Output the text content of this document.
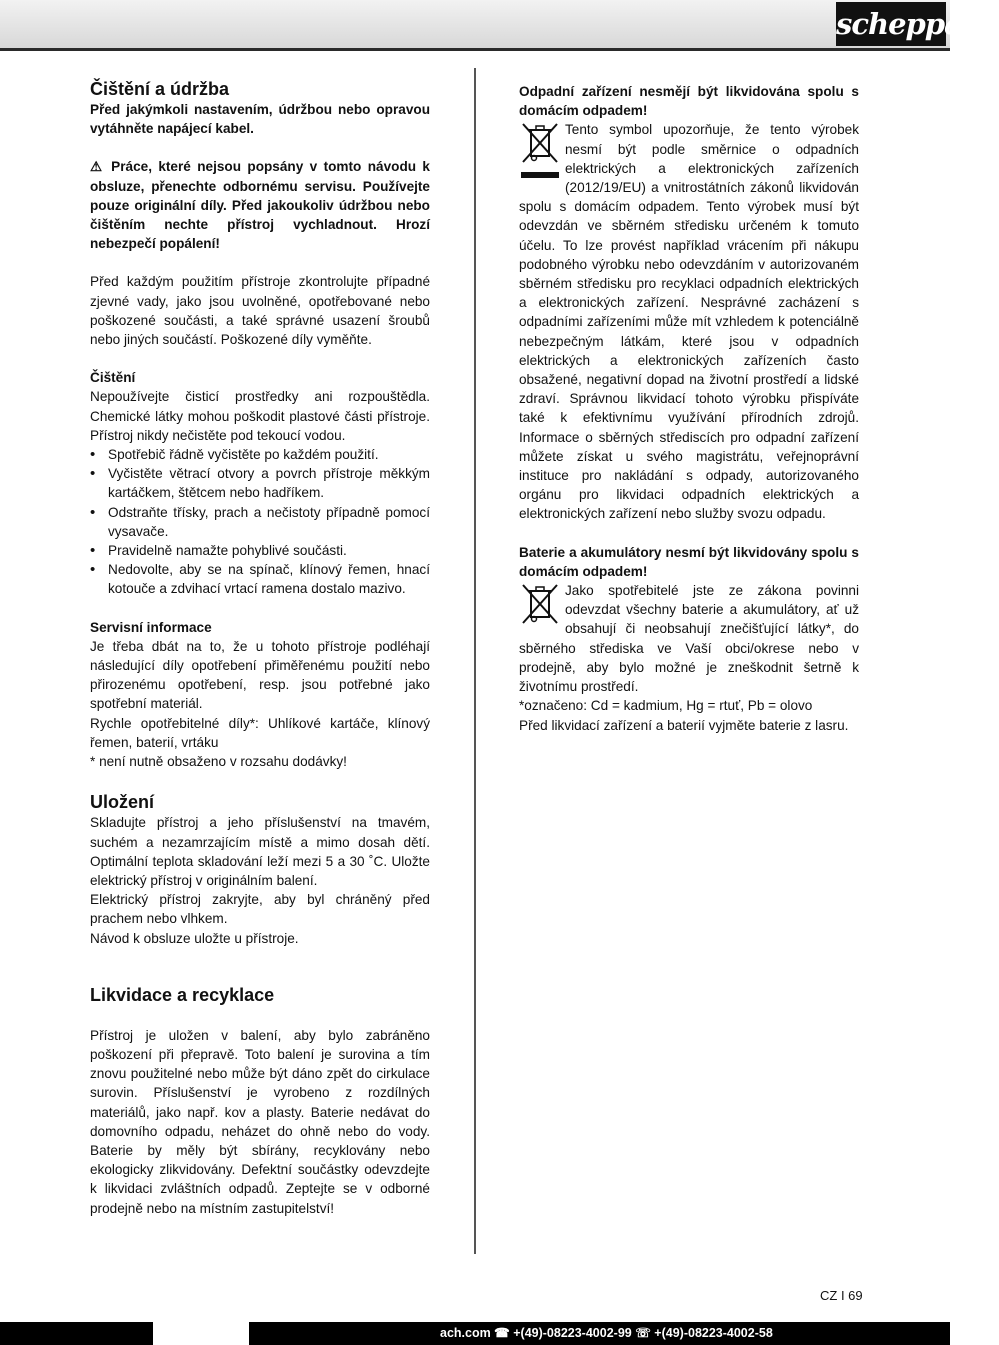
scheppach
Čištění a údržba

Před jakýmkoli nastavením, údržbou nebo opravou vytáhněte napájecí kabel.

⚠ Práce, které nejsou popsány v tomto návodu k obsluze, přenechte odbornému servisu. Používejte pouze originální díly. Před jakoukoliv údržbou nebo čištěním nechte přístroj vychladnout. Hrozí nebezpečí popálení!

Před každým použitím přístroje zkontrolujte případné zjevné vady, jako jsou uvolněné, opotřebované nebo poškozené součásti, a také správné usazení šroubů nebo jiných součástí. Poškozené díly vyměňte.

Čištění

Nepoužívejte čisticí prostředky ani rozpouštědla. Chemické látky mohou poškodit plastové části přístroje. Přístroj nikdy nečistěte pod tekoucí vodou.

• Spotřebič řádně vyčistěte po každém použití.
• Vyčistěte větrací otvory a povrch přístroje měkkým kartáčkem, štětcem nebo hadříkem.
• Odstraňte třísky, prach a nečistoty případně pomocí vysavače.
• Pravidelně namažte pohyblivé součásti.
• Nedovolte, aby se na spínač, klínový řemen, hnací kotouče a zdvihací vrtací ramena dostalo mazivo.
Servisní informace

Je třeba dbát na to, že u tohoto přístroje podléhají následující díly opotřebení přiměřenému použití nebo přirozenému opotřebení, resp. jsou potřebné jako spotřební materiál.

Rychle opotřebitelné díly*: Uhlíkové kartáče, klínový řemen, baterií, vrtáku

* není nutně obsaženo v rozsahu dodávky!

Uložení

Skladujte přístroj a jeho příslušenství na tmavém, suchém a nezamrzajícím místě a mimo dosah dětí. Optimální teplota skladování leží mezi 5 a 30 ˚C. Uložte elektrický přístroj v originálním balení.

Elektrický přístroj zakryjte, aby byl chráněný před prachem nebo vlhkem.

Návod k obsluze uložte u přístroje.

Likvidace a recyklace

Přístroj je uložen v balení, aby bylo zabráněno poškození při přepravě. Toto balení je surovina a tím znovu použitelné nebo může být dáno zpět do cirkulace surovin. Příslušenství je vyrobeno z rozdílných materiálů, jako např. kov a plasty. Baterie nedávat do domovního odpadu, neházet do ohně nebo do vody. Baterie by měly být sbírány, recyklovány nebo ekologicky zlikvidovány. Defektní součástky odevzdejte k likvidaci zvláštních odpadů. Zeptejte se v odborné prodejně nebo na místním zastupitelství!

Odpadní zařízení nesmějí být likvidována spolu s domácím odpadem!

Tento symbol upozorňuje, že tento výrobek nesmí být podle směrnice o odpadních elektrických a elektronických zařízeních (2012/19/EU) a vnitrostátních zákonů likvidován spolu s domácím odpadem. Tento výrobek musí být odevzdán ve sběrném středisku určeném k tomuto účelu. To lze provést například vrácením při nákupu podobného výrobku nebo odevzdáním v autorizovaném sběrném středisku pro recyklaci odpadních elektrických a elektronických zařízení. Nesprávné zacházení s odpadními zařízeními může mít vzhledem k potenciálně nebezpečným látkám, které jsou v odpadních elektrických a elektronických zařízeních často obsažené, negativní dopad na životní prostředí a lidské zdraví. Správnou likvidací tohoto výrobku přispíváte také k efektivnímu využívání přírodních zdrojů. Informace o sběrných střediscích pro odpadní zařízení můžete získat u svého magistrátu, veřejnoprávní instituce pro nakládání s odpady, autorizovaného orgánu pro likvidaci odpadních elektrických a elektronických zařízení nebo služby svozu odpadu.

Baterie a akumulátory nesmí být likvidovány spolu s domácím odpadem!

Jako spotřebitelé jste ze zákona povinni odevzdat všechny baterie a akumulátory, ať už obsahují či neobsahují znečišťující látky*, do sběrného střediska ve Vaší obci/okrese nebo v prodejně, aby bylo možné je zneškodnit šetrně k životnímu prostředí.

*označeno: Cd = kadmium, Hg = rtuť, Pb = olovo

Před likvidací zařízení a baterií vyjměte baterie z lasru.

CZ I 69
ach.com ☎ +(49)-08223-4002-99 ☏ +(49)-08223-4002-58
